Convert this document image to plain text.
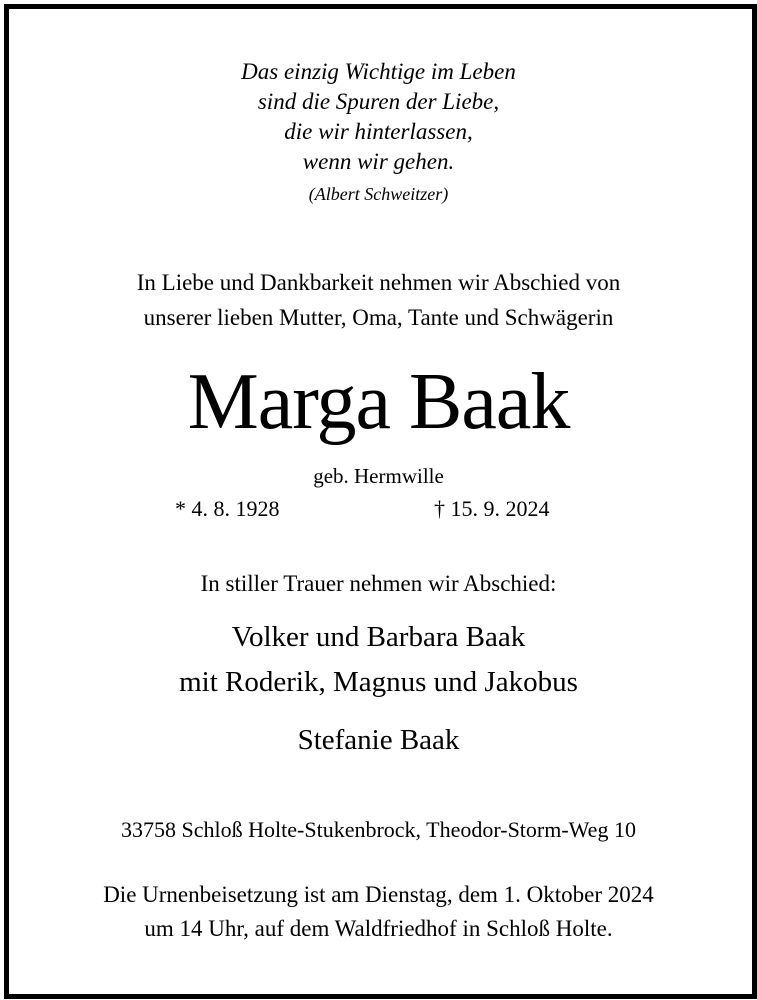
Das einzig Wichtige im Leben
sind die Spuren der Liebe,
die wir hinterlassen,
wenn wir gehen.
(Albert Schweitzer)
In Liebe und Dankbarkeit nehmen wir Abschied von
unserer lieben Mutter, Oma, Tante und Schwägerin
Marga Baak
geb. Hermwille
* 4. 8. 1928	† 15. 9. 2024
In stiller Trauer nehmen wir Abschied:
Volker und Barbara Baak
mit Roderik, Magnus und Jakobus
Stefanie Baak
33758 Schloß Holte-Stukenbrock, Theodor-Storm-Weg 10
Die Urnenbeisetzung ist am Dienstag, dem 1. Oktober 2024
um 14 Uhr, auf dem Waldfriedhof in Schloß Holte.
